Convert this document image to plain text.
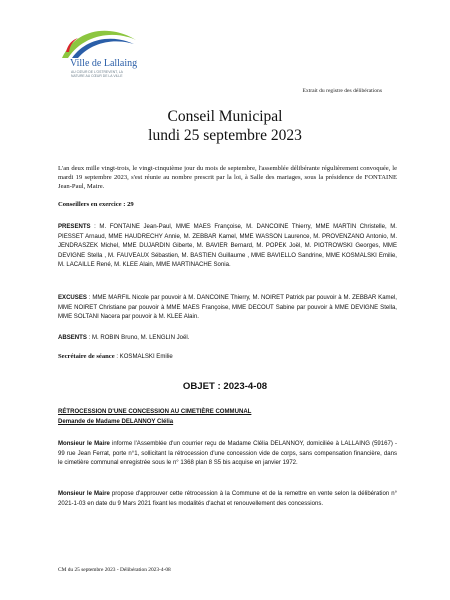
Ville de Lallaing
AU CŒUR DE L'OSTREVENT, LA NATURE AU CŒUR DE LA VILLE
Extrait du registre des délibérations
Conseil Municipal
lundi 25 septembre 2023
L'an deux mille vingt-trois, le vingt-cinquième jour du mois de septembre, l'assemblée délibérante régulièrement convoquée, le mardi 19 septembre 2023, s'est réunie au nombre prescrit par la loi, à Salle des mariages, sous la présidence de FONTAINE Jean-Paul, Maire.
Conseillers en exercice : 29
PRESENTS : M. FONTAINE Jean-Paul, MME MAES Françoise, M. DANCOINE Thierry, MME MARTIN Christelle, M. PIESSET Arnaud, MME HAUDRECHY Annie, M. ZEBBAR Kamel, MME WASSON Laurence, M. PROVENZANO Antonio, M. JENDRASZEK Michel, MME DUJARDIN Giberte, M. BAVIER Bernard, M. POPEK Joël, M. PIOTROWSKI Georges, MME DEVIGNE Stella , M. FAUVEAUX Sébastien, M. BASTIEN Guillaume , MME BAVIELLO Sandrine, MME KOSMALSKI Emilie, M. LACAILLE René, M. KLEE Alain, MME MARTINACHE Sonia.
EXCUSES : MME MARFIL Nicole par pouvoir à M. DANCOINE Thierry, M. NOIRET Patrick par pouvoir à M. ZEBBAR Kamel, MME NOIRET Christiane par pouvoir à MME MAES Françoise, MME DECOUT Sabine par pouvoir à MME DEVIGNE Stella, MME SOLTANI Nacera par pouvoir à M. KLEE Alain.
ABSENTS : M. ROBIN Bruno, M. LENGLIN Joël.
Secrétaire de séance : KOSMALSKI Emilie
OBJET : 2023-4-08
RÉTROCESSION D'UNE CONCESSION AU CIMETIÈRE COMMUNAL
Demande de Madame DELANNOY Clélia
Monsieur le Maire informe l'Assemblée d'un courrier reçu de Madame Clélia DELANNOY, domiciliée à LALLAING (59167) - 99 rue Jean Ferrat, porte n°1, sollicitant la rétrocession d'une concession vide de corps, sans compensation financière, dans le cimetière communal enregistrée sous le n° 1368 plan 8 S5 bis acquise en janvier 1972.
Monsieur le Maire propose d'approuver cette rétrocession à la Commune et de la remettre en vente selon la délibération n° 2021-1-03 en date du 9 Mars 2021 fixant les modalités d'achat et renouvellement des concessions.
CM du 25 septembre 2023 - Délibération 2023-4-08
